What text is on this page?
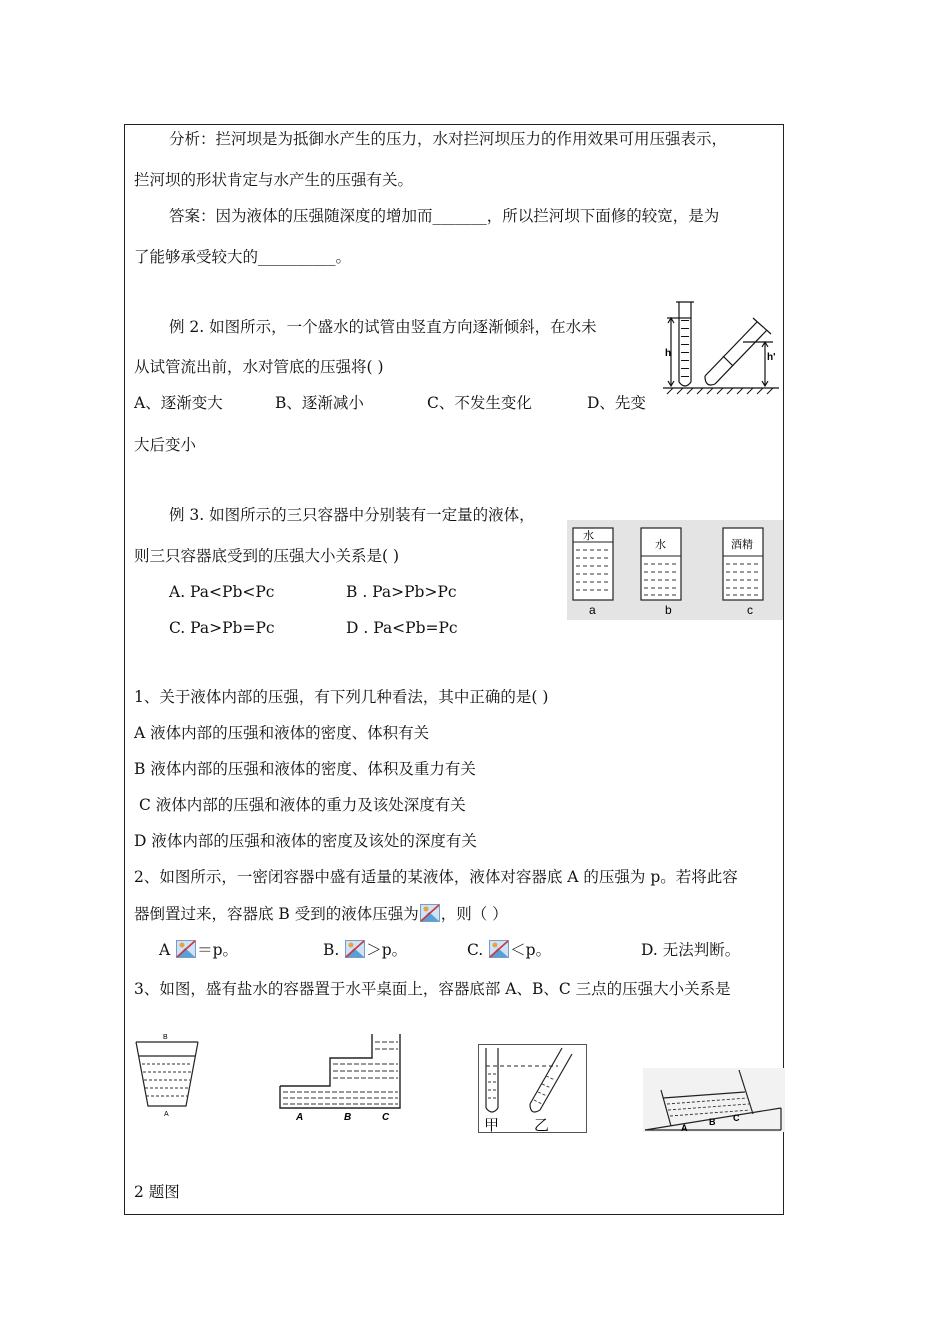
分析：拦河坝是为抵御水产生的压力，水对拦河坝压力的作用效果可用压强表示，
拦河坝的形状肯定与水产生的压强有关。
答案：因为液体的压强随深度的增加而_______，所以拦河坝下面修的较宽，是为
了能够承受较大的__________。
例 2. 如图所示，一个盛水的试管由竖直方向逐渐倾斜，在水未
从试管流出前，水对管底的压强将( )
A、逐渐变大	B、逐渐减小	C、不发生变化	D、先变
大后变小
h	h'
例 3. 如图所示的三只容器中分别装有一定量的液体，
则三只容器底受到的压强大小关系是( )
A. Pa<Pb<Pc	B . Pa>Pb>Pc
C. Pa>Pb=Pc	D . Pa<Pb=Pc
水
水	酒精
a	b	c
1、关于液体内部的压强，有下列几种看法，其中正确的是( )
A 液体内部的压强和液体的密度、体积有关
B 液体内部的压强和液体的密度、体积及重力有关
C 液体内部的压强和液体的重力及该处深度有关
D 液体内部的压强和液体的密度及该处的深度有关
2、如图所示，一密闭容器中盛有适量的某液体，液体对容器底 A 的压强为 p。若将此容
器倒置过来，容器底 B 受到的液体压强为 ，则（ ）
A ＝p。	B. ＞p。	C. ＜p。	D. 无法判断。
3、如图，盛有盐水的容器置于水平桌面上，容器底部 A、B、C 三点的压强大小关系是
B
A	A	B	C	甲 乙	A
B C
2 题图
